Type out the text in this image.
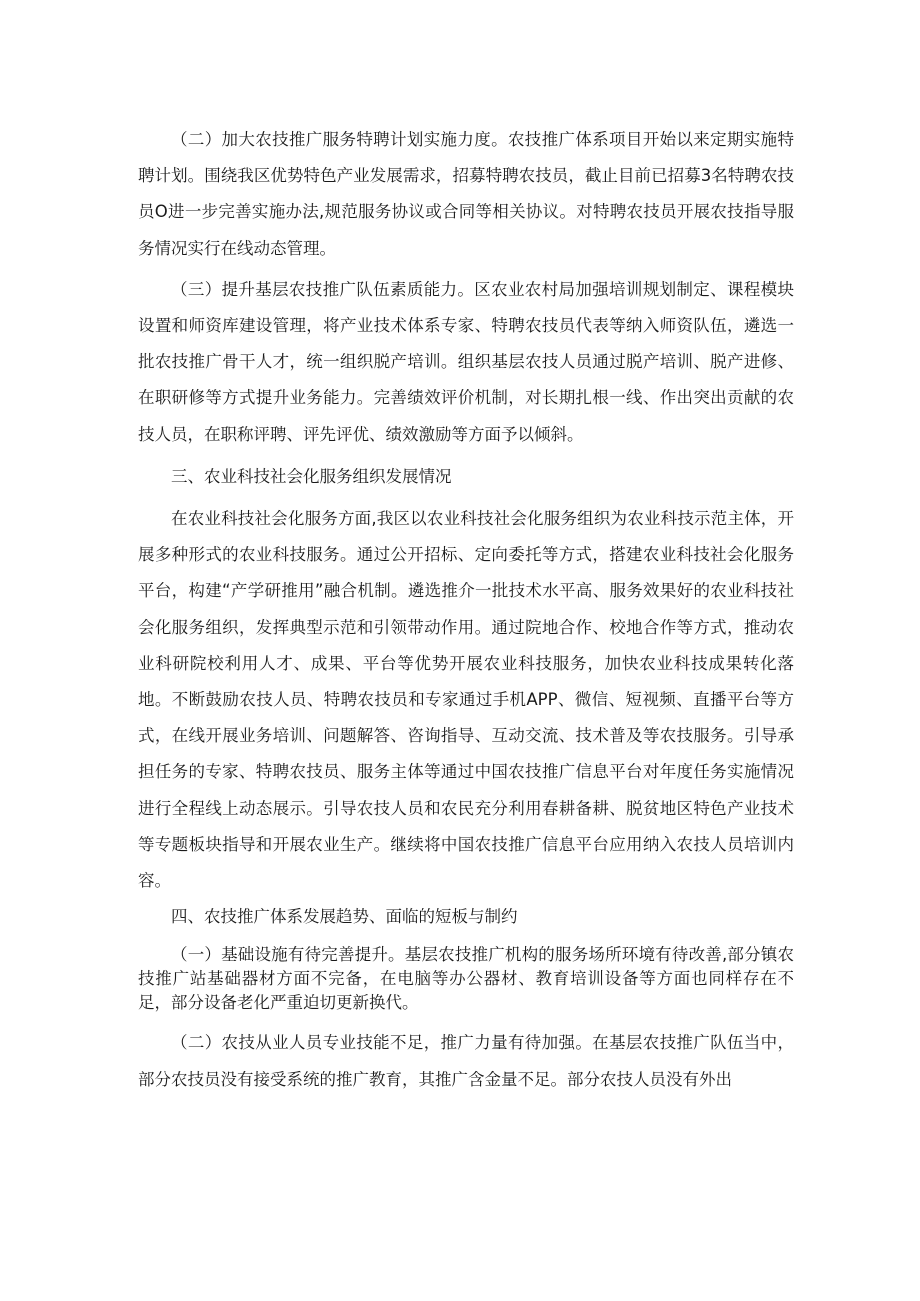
（二）加大农技推广服务特聘计划实施力度。农技推广体系项目开始以来定期实施特聘计划。围绕我区优势特色产业发展需求，招募特聘农技员，截止目前已招募3名特聘农技员O进一步完善实施办法,规范服务协议或合同等相关协议。对特聘农技员开展农技指导服务情况实行在线动态管理。

（三）提升基层农技推广队伍素质能力。区农业农村局加强培训规划制定、课程模块设置和师资库建设管理，将产业技术体系专家、特聘农技员代表等纳入师资队伍，遴选一批农技推广骨干人才，统一组织脱产培训。组织基层农技人员通过脱产培训、脱产进修、在职研修等方式提升业务能力。完善绩效评价机制，对长期扎根一线、作出突出贡献的农技人员，在职称评聘、评先评优、绩效激励等方面予以倾斜。

三、农业科技社会化服务组织发展情况

在农业科技社会化服务方面,我区以农业科技社会化服务组织为农业科技示范主体，开展多种形式的农业科技服务。通过公开招标、定向委托等方式，搭建农业科技社会化服务平台，构建“产学研推用”融合机制。遴选推介一批技术水平高、服务效果好的农业科技社会化服务组织，发挥典型示范和引领带动作用。通过院地合作、校地合作等方式，推动农业科研院校利用人才、成果、平台等优势开展农业科技服务，加快农业科技成果转化落地。不断鼓励农技人员、特聘农技员和专家通过手机APP、微信、短视频、直播平台等方式，在线开展业务培训、问题解答、咨询指导、互动交流、技术普及等农技服务。引导承担任务的专家、特聘农技员、服务主体等通过中国农技推广信息平台对年度任务实施情况进行全程线上动态展示。引导农技人员和农民充分利用春耕备耕、脱贫地区特色产业技术等专题板块指导和开展农业生产。继续将中国农技推广信息平台应用纳入农技人员培训内容。

四、农技推广体系发展趋势、面临的短板与制约

（一）基础设施有待完善提升。基层农技推广机构的服务场所环境有待改善,部分镇农技推广站基础器材方面不完备，在电脑等办公器材、教育培训设备等方面也同样存在不足，部分设备老化严重迫切更新换代。

（二）农技从业人员专业技能不足，推广力量有待加强。在基层农技推广队伍当中，部分农技员没有接受系统的推广教育，其推广含金量不足。部分农技人员没有外出
